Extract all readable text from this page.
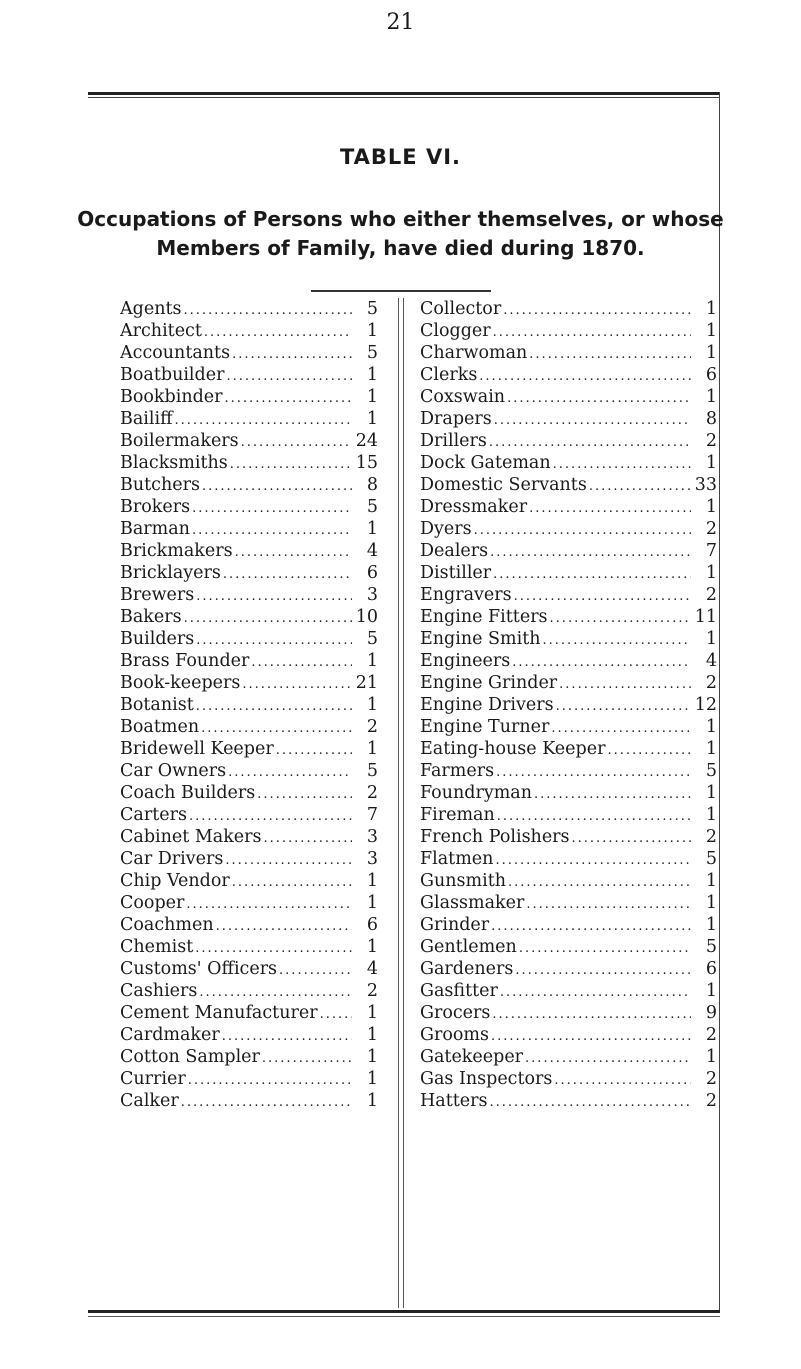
21
TABLE VI.
Occupations of Persons who either themselves, or whose
Members of Family, have died during 1870.
Agents .....	5
Architect .....	1
Accountants .....	5
Boatbuilder .....	1
Bookbinder .....	1
Bailiff .....	1
Boilermakers .....	24
Blacksmiths .....	15
Butchers .....	8
Brokers .....	5
Barman .....	1
Brickmakers .....	4
Bricklayers .....	6
Brewers .....	3
Bakers .....	10
Builders .....	5
Brass Founder .....	1
Book-keepers .....	21
Botanist .....	1
Boatmen .....	2
Bridewell Keeper .....	1
Car Owners .....	5
Coach Builders .....	2
Carters .....	7
Cabinet Makers .....	3
Car Drivers .....	3
Chip Vendor .....	1
Cooper .....	1
Coachmen .....	6
Chemist .....	1
Customs' Officers .....	4
Cashiers .....	2
Cement Manufacturer .....	1
Cardmaker .....	1
Cotton Sampler .....	1
Currier .....	1
Calker .....	1
Collector .....	1
Clogger .....	1
Charwoman .....	1
Clerks .....	6
Coxswain .....	1
Drapers .....	8
Drillers .....	2
Dock Gateman .....	1
Domestic Servants .....	33
Dressmaker .....	1
Dyers .....	2
Dealers .....	7
Distiller .....	1
Engravers .....	2
Engine Fitters .....	11
Engine Smith .....	1
Engineers .....	4
Engine Grinder .....	2
Engine Drivers .....	12
Engine Turner .....	1
Eating-house Keeper .....	1
Farmers .....	5
Foundryman .....	1
Fireman .....	1
French Polishers .....	2
Flatmen .....	5
Gunsmith .....	1
Glassmaker .....	1
Grinder .....	1
Gentlemen .....	5
Gardeners .....	6
Gasfitter .....	1
Grocers .....	9
Grooms .....	2
Gatekeeper .....	1
Gas Inspectors .....	2
Hatters .....	2
